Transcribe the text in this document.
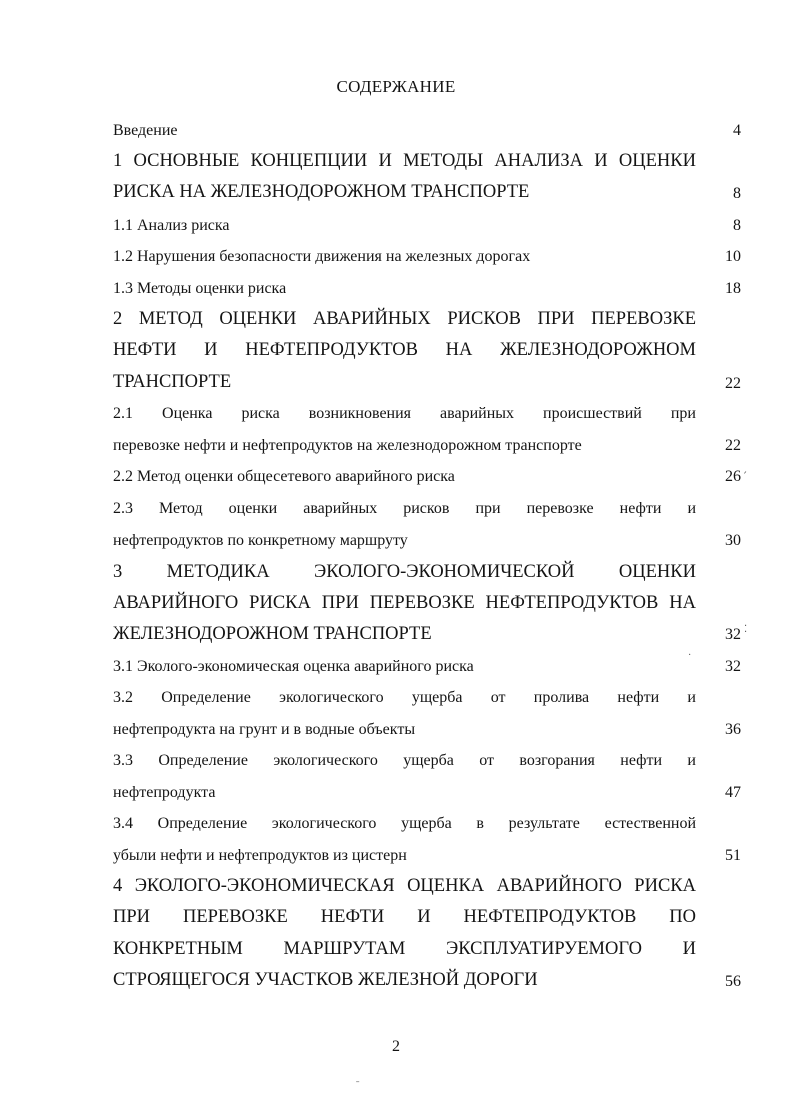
СОДЕРЖАНИЕ
Введение	4
1 ОСНОВНЫЕ КОНЦЕПЦИИ И МЕТОДЫ АНАЛИЗА И ОЦЕНКИ
РИСКА НА ЖЕЛЕЗНОДОРОЖНОМ ТРАНСПОРТЕ	8
1.1 Анализ риска	8
1.2 Нарушения безопасности движения на железных дорогах	10
1.3 Методы оценки риска	18
2 МЕТОД ОЦЕНКИ АВАРИЙНЫХ РИСКОВ ПРИ ПЕРЕВОЗКЕ
НЕФТИ И НЕФТЕПРОДУКТОВ НА ЖЕЛЕЗНОДОРОЖНОМ
ТРАНСПОРТЕ	22
2.1 Оценка риска возникновения аварийных происшествий при
перевозке нефти и нефтепродуктов на железнодорожном транспорте	22
2.2 Метод оценки общесетевого аварийного риска	26
2.3 Метод оценки аварийных рисков при перевозке нефти и
нефтепродуктов по конкретному маршруту	30
3 МЕТОДИКА ЭКОЛОГО-ЭКОНОМИЧЕСКОЙ ОЦЕНКИ
АВАРИЙНОГО РИСКА ПРИ ПЕРЕВОЗКЕ НЕФТЕПРОДУКТОВ НА
ЖЕЛЕЗНОДОРОЖНОМ ТРАНСПОРТЕ	32
3.1 Эколого-экономическая оценка аварийного риска	32
3.2 Определение экологического ущерба от пролива нефти и
нефтепродукта на грунт и в водные объекты	36
3.3 Определение экологического ущерба от возгорания нефти и
нефтепродукта	47
3.4 Определение экологического ущерба в результате естественной
убыли нефти и нефтепродуктов из цистерн	51
4 ЭКОЛОГО-ЭКОНОМИЧЕСКАЯ ОЦЕНКА АВАРИЙНОГО РИСКА
ПРИ ПЕРЕВОЗКЕ НЕФТИ И НЕФТЕПРОДУКТОВ ПО
КОНКРЕТНЫМ МАРШРУТАМ ЭКСПЛУАТИРУЕМОГО И
СТРОЯЩЕГОСЯ УЧАСТКОВ ЖЕЛЕЗНОЙ ДОРОГИ	56
՛
⁚
·
ˉ
2
